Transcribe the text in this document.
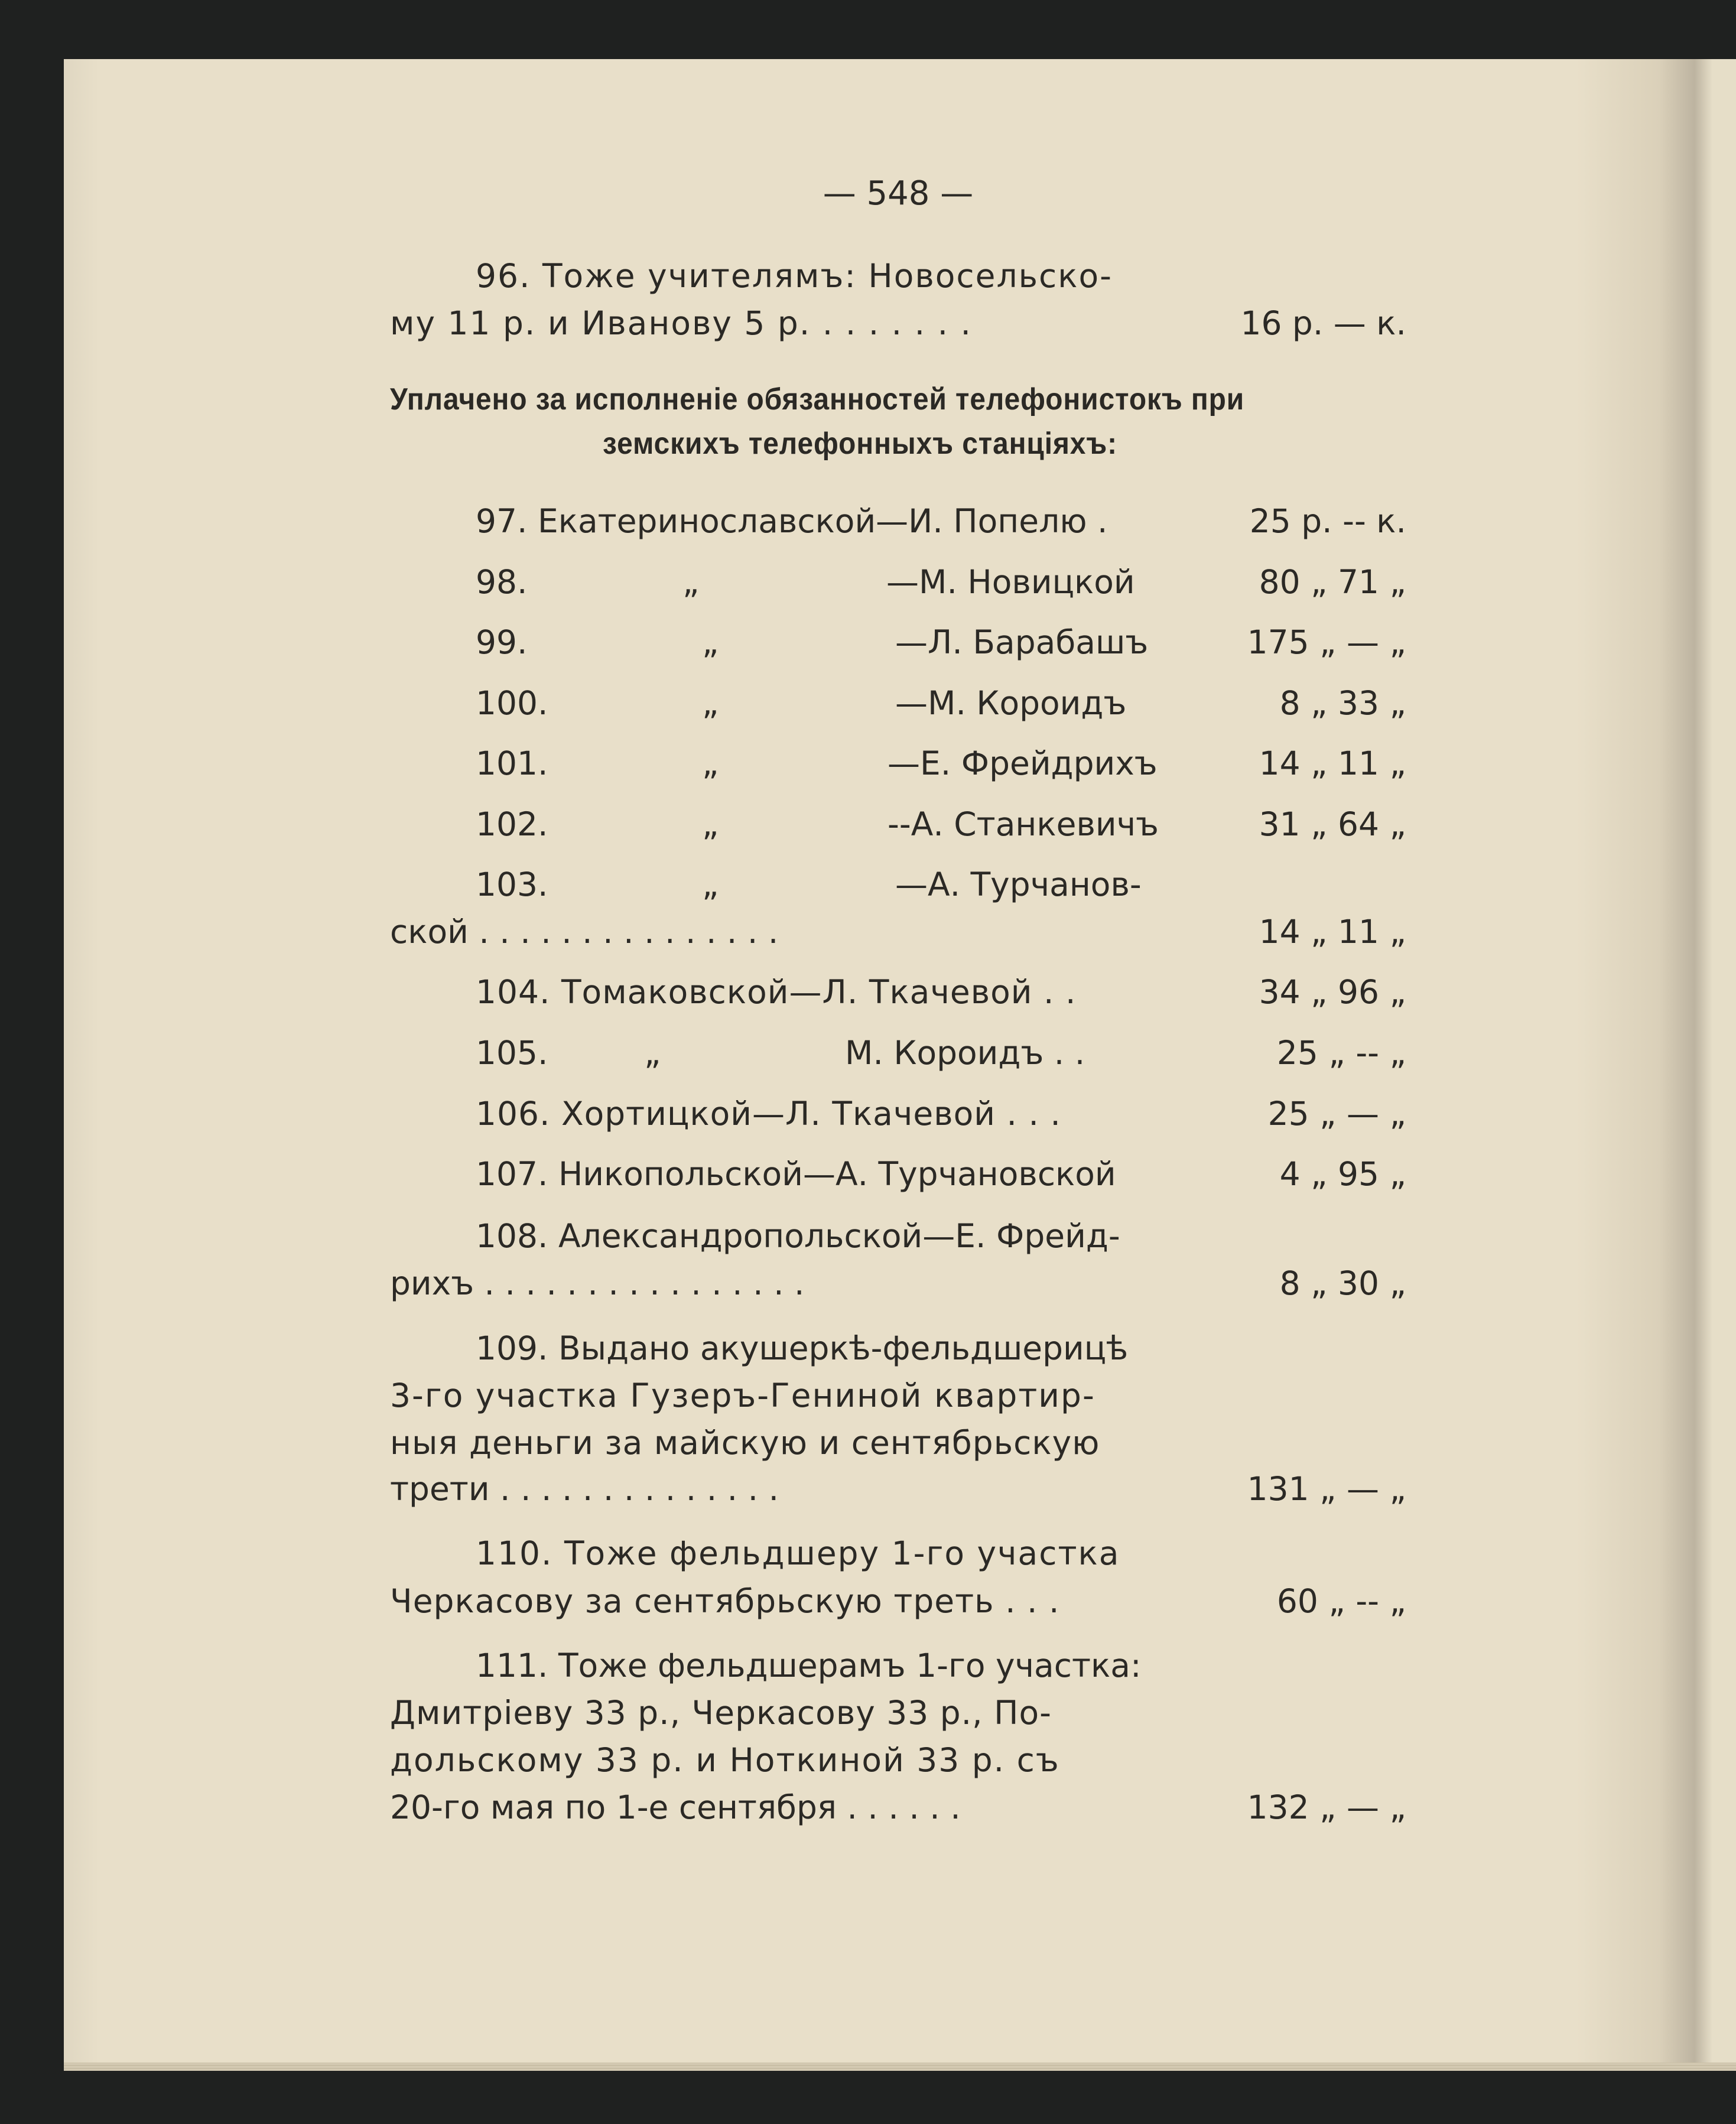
— 548 —
96. Тоже учителямъ: Новосельско-
му 11 р. и Иванову 5 р. . . . . . . .	16 р. — к.
Уплачено за исполненіе обязанностей телефонистокъ при
земскихъ телефонныхъ станціяхъ:
97. Екатеринославской—И. Попелю .	25 р. -- к.
98.	„	—М. Новицкой	80 „ 71 „
99.	„	—Л. Барабашъ	175 „ — „
100.	„	—М. Короидъ	8 „ 33 „
101.	„	—Е. Фрейдрихъ	14 „ 11 „
102.	„	--А. Станкевичъ	31 „ 64 „
103.	„	—А. Турчанов-
ской . . . . . . . . . . . . . . .	14 „ 11 „
104. Томаковской—Л. Ткачевой . .	34 „ 96 „
105.	„	М. Короидъ . .	25 „ -- „
106. Хортицкой—Л. Ткачевой . . .	25 „ — „
107. Никопольской—А. Турчановской	4 „ 95 „
108. Александропольской—Е. Фрейд-
рихъ . . . . . . . . . . . . . . . .	8 „ 30 „
109. Выдано акушеркѣ-фельдшерицѣ
3-го участка Гузеръ-Гениной квартир-
ныя деньги за майскую и сентябрьскую
трети . . . . . . . . . . . . . .	131 „ — „
110. Тоже фельдшеру 1-го участка
Черкасову за сентябрьскую треть . . .	60 „ -- „
111. Тоже фельдшерамъ 1-го участка:
Дмитріеву 33 р., Черкасову 33 р., По-
дольскому 33 р. и Ноткиной 33 р. съ
20-го мая по 1-е сентября . . . . . .	132 „ — „
